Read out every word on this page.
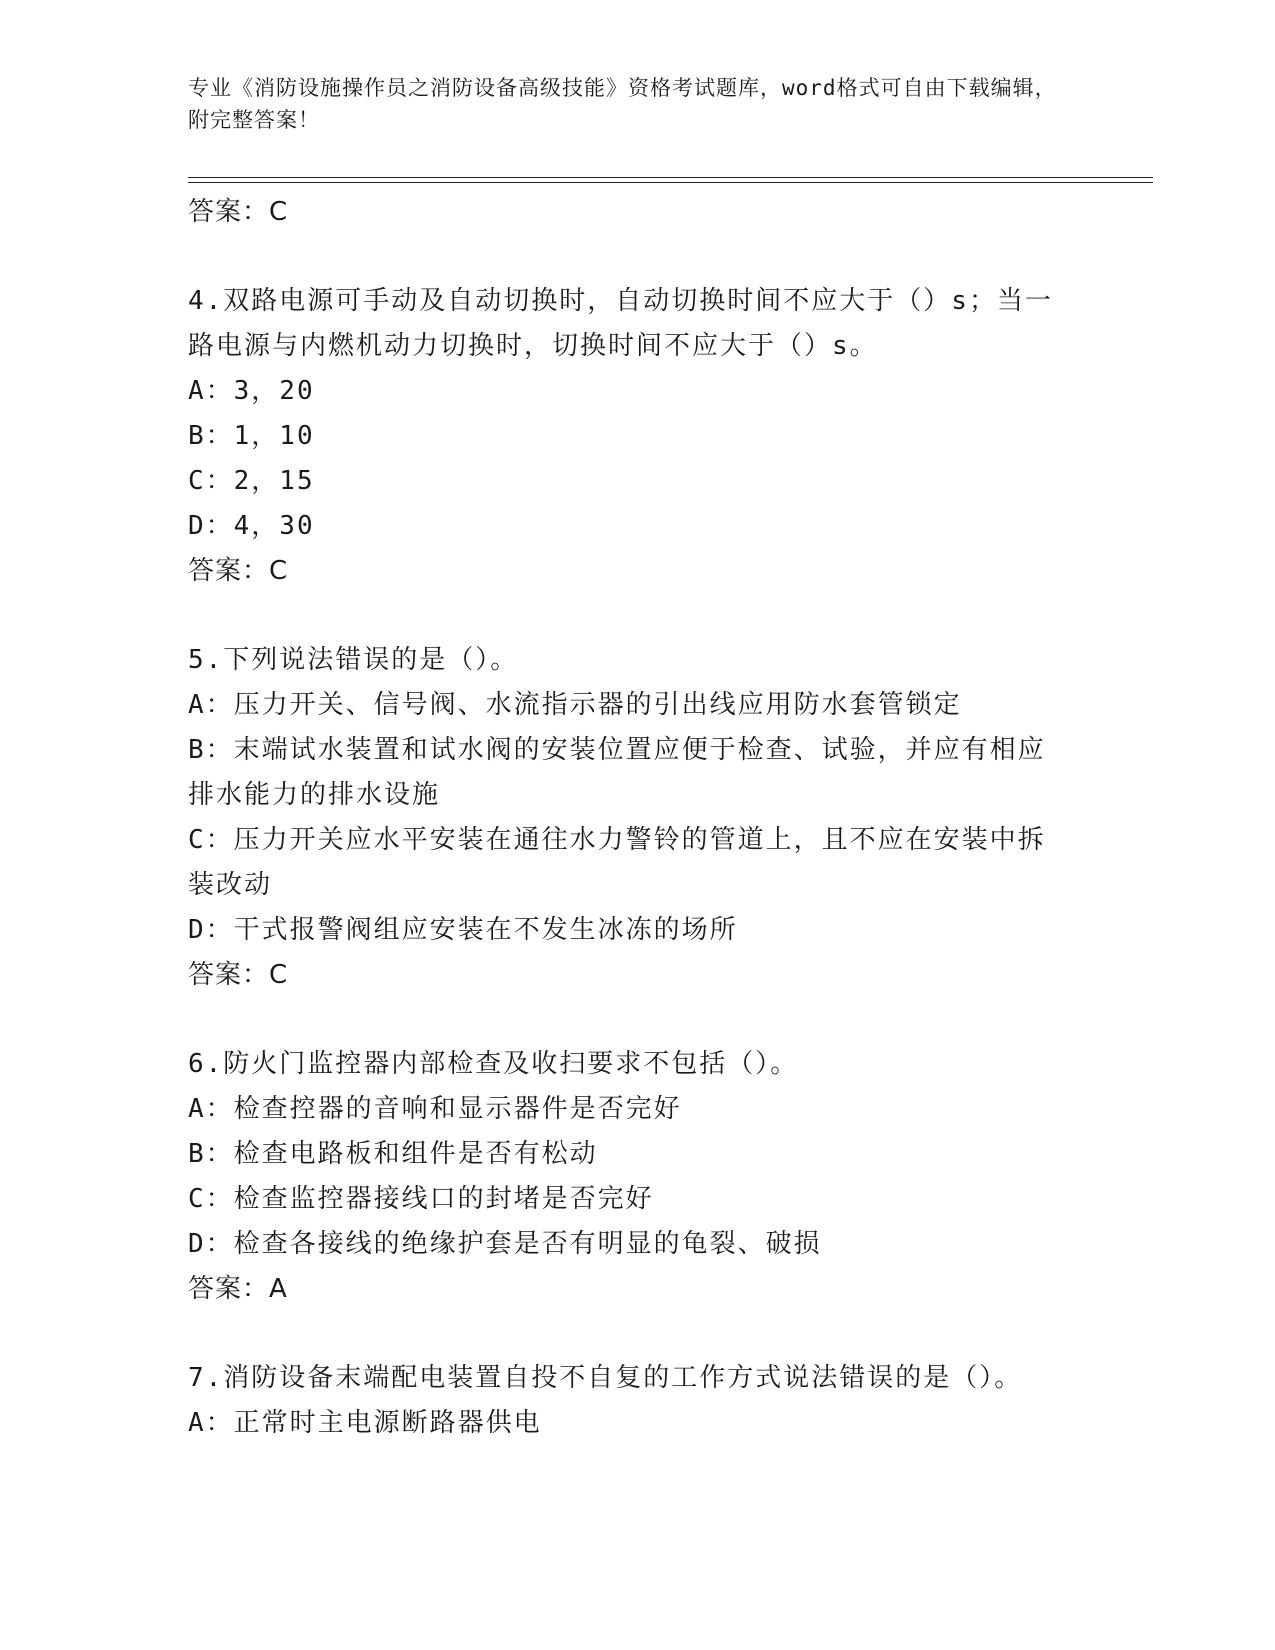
专业《消防设施操作员之消防设备高级技能》资格考试题库，word格式可自由下载编辑，附完整答案！

答案：C

4.双路电源可手动及自动切换时，自动切换时间不应大于（）s；当一

路电源与内燃机动力切换时，切换时间不应大于（）s。

A：3，20

B：1，10

C：2，15

D：4，30

答案：C

5.下列说法错误的是（）。

A：压力开关、信号阀、水流指示器的引出线应用防水套管锁定

B：末端试水装置和试水阀的安装位置应便于检查、试验，并应有相应

排水能力的排水设施

C：压力开关应水平安装在通往水力警铃的管道上，且不应在安装中拆

装改动

D：干式报警阀组应安装在不发生冰冻的场所

答案：C

6.防火门监控器内部检查及收扫要求不包括（）。

A：检查控器的音响和显示器件是否完好

B：检查电路板和组件是否有松动

C：检查监控器接线口的封堵是否完好

D：检查各接线的绝缘护套是否有明显的龟裂、破损

答案：A

7.消防设备末端配电装置自投不自复的工作方式说法错误的是（）。

A：正常时主电源断路器供电
